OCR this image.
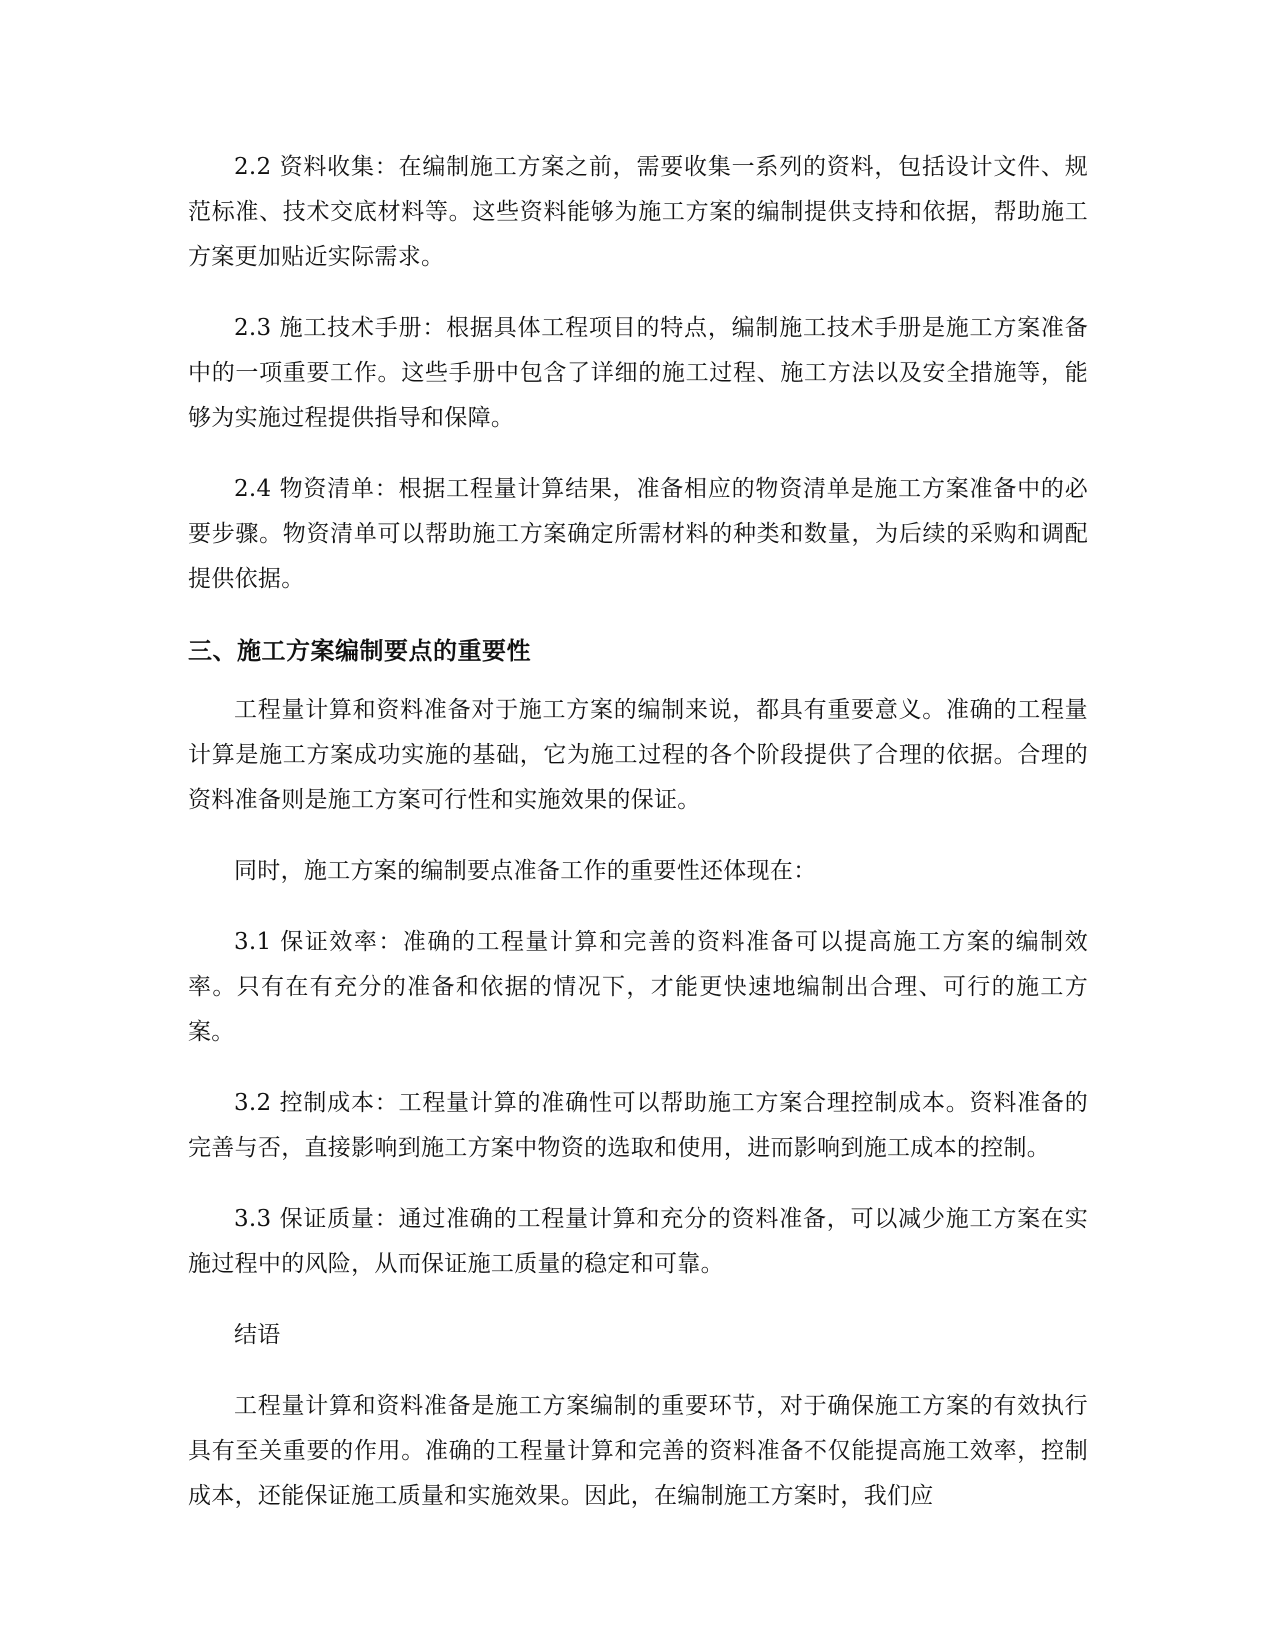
2.2 资料收集：在编制施工方案之前，需要收集一系列的资料，包括设计文件、规范标准、技术交底材料等。这些资料能够为施工方案的编制提供支持和依据，帮助施工方案更加贴近实际需求。

2.3 施工技术手册：根据具体工程项目的特点，编制施工技术手册是施工方案准备中的一项重要工作。这些手册中包含了详细的施工过程、施工方法以及安全措施等，能够为实施过程提供指导和保障。

2.4 物资清单：根据工程量计算结果，准备相应的物资清单是施工方案准备中的必要步骤。物资清单可以帮助施工方案确定所需材料的种类和数量，为后续的采购和调配提供依据。

三、施工方案编制要点的重要性

工程量计算和资料准备对于施工方案的编制来说，都具有重要意义。准确的工程量计算是施工方案成功实施的基础，它为施工过程的各个阶段提供了合理的依据。合理的资料准备则是施工方案可行性和实施效果的保证。

同时，施工方案的编制要点准备工作的重要性还体现在：

3.1 保证效率：准确的工程量计算和完善的资料准备可以提高施工方案的编制效率。只有在有充分的准备和依据的情况下，才能更快速地编制出合理、可行的施工方案。

3.2 控制成本：工程量计算的准确性可以帮助施工方案合理控制成本。资料准备的完善与否，直接影响到施工方案中物资的选取和使用，进而影响到施工成本的控制。

3.3 保证质量：通过准确的工程量计算和充分的资料准备，可以减少施工方案在实施过程中的风险，从而保证施工质量的稳定和可靠。

结语

工程量计算和资料准备是施工方案编制的重要环节，对于确保施工方案的有效执行具有至关重要的作用。准确的工程量计算和完善的资料准备不仅能提高施工效率，控制成本，还能保证施工质量和实施效果。因此，在编制施工方案时，我们应
